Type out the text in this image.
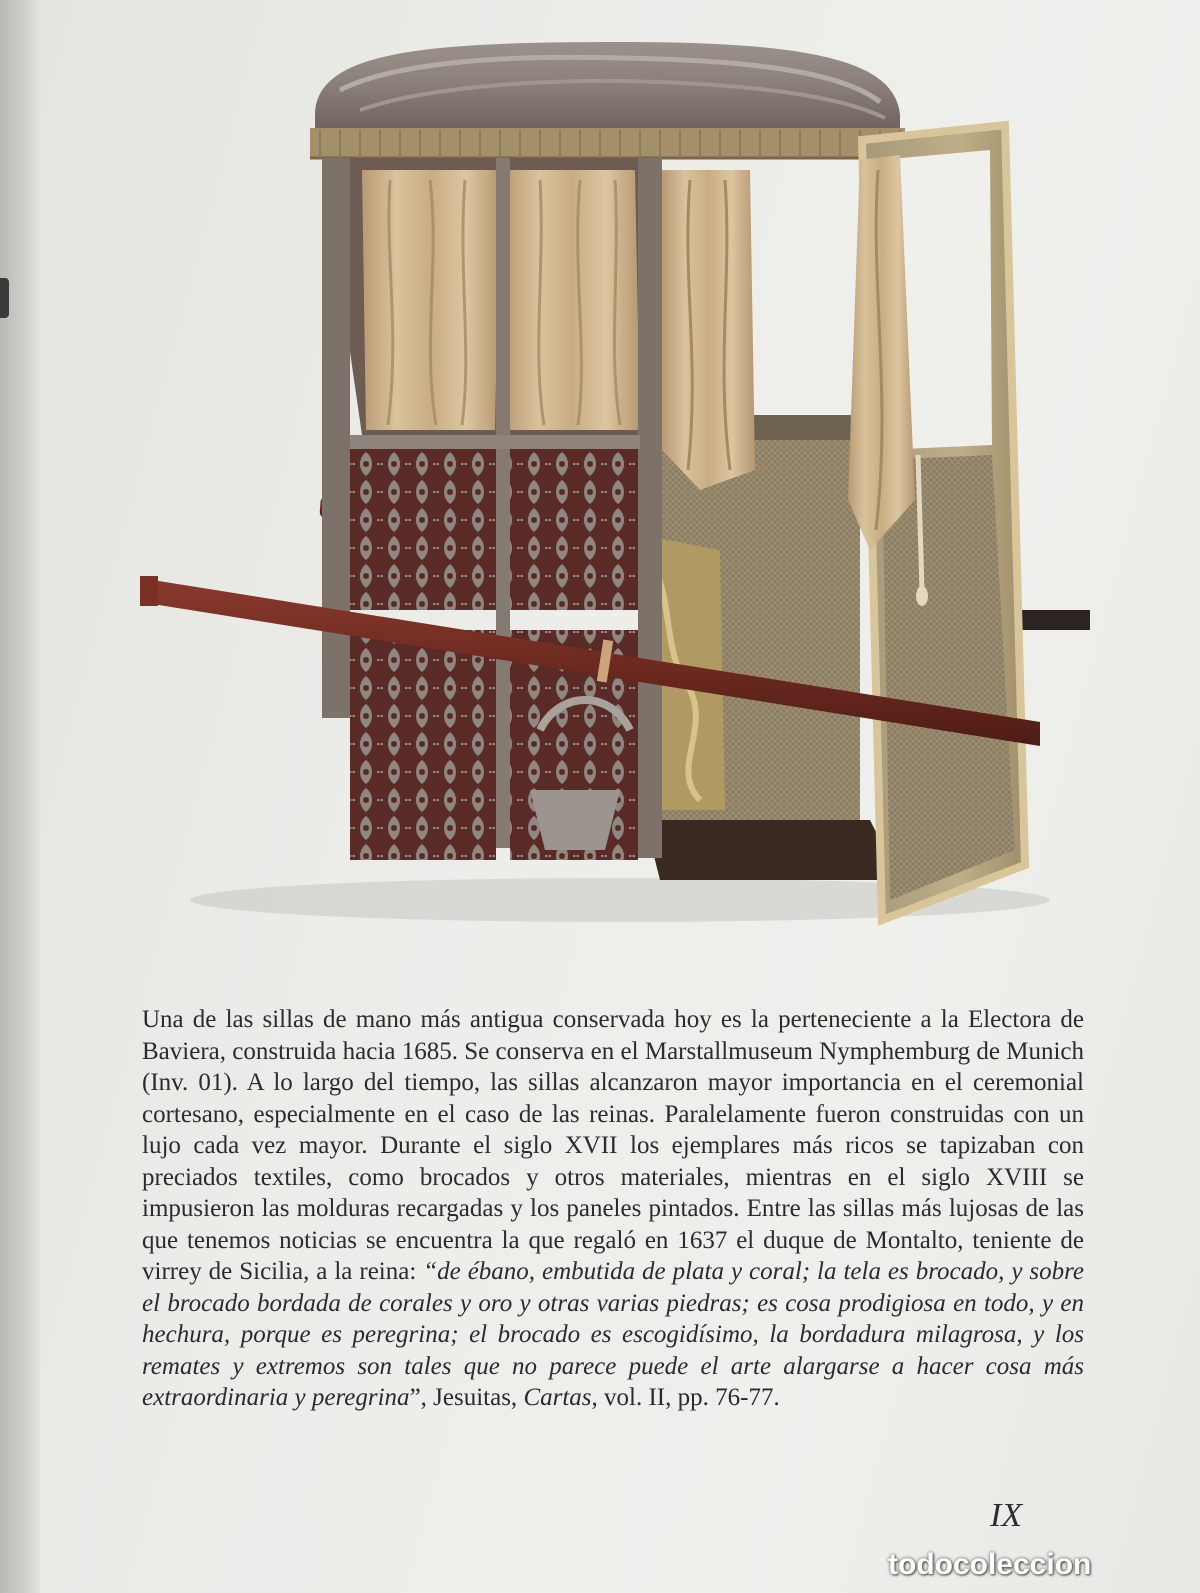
Una de las sillas de mano más antigua conservada hoy es la perteneciente a la Electora de Baviera, construida hacia 1685. Se conserva en el Marstallmuseum Nymphemburg de Munich (Inv. 01). A lo largo del tiempo, las sillas alcanzaron mayor importancia en el ceremonial cortesano, especialmente en el caso de las reinas. Paralelamente fueron construidas con un lujo cada vez mayor. Durante el siglo XVII los ejemplares más ricos se tapizaban con preciados textiles, como brocados y otros materiales, mientras en el siglo XVIII se impusieron las molduras recargadas y los paneles pintados. Entre las sillas más lujosas de las que tenemos noticias se encuentra la que regaló en 1637 el duque de Montalto, teniente de virrey de Sicilia, a la reina: “de ébano, embutida de plata y coral; la tela es brocado, y sobre el brocado bordada de corales y oro y otras varias piedras; es cosa prodigiosa en todo, y en hechura, porque es peregrina; el brocado es escogidísimo, la bordadura milagrosa, y los remates y extremos son tales que no parece puede el arte alargarse a hacer cosa más extraordinaria y peregrina”, Jesuitas, Cartas, vol. II, pp. 76-77.

IX
todocoleccion
